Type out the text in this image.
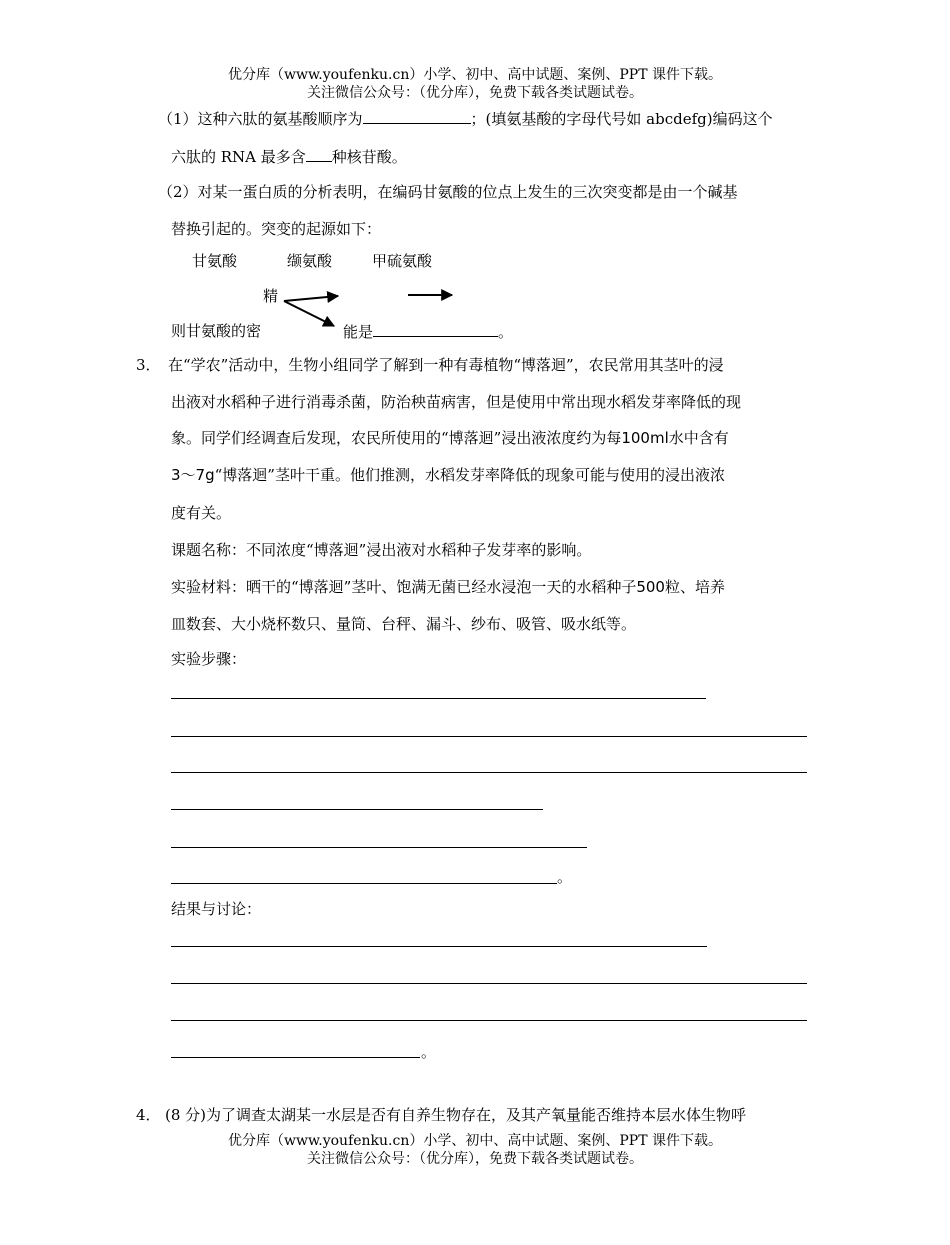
优分库（www.youfenku.cn）小学、初中、高中试题、案例、PPT 课件下载。
关注微信公众号：（优分库），免费下载各类试题试卷。
（1）这种六肽的氨基酸顺序为	；(填氨基酸的字母代号如 abcdefg)编码这个
六肽的 RNA 最多含 种核苷酸。
（2）对某一蛋白质的分析表明，在编码甘氨酸的位点上发生的三次突变都是由一个碱基
替换引起的。突变的起源如下：
甘氨酸	缬氨酸	甲硫氨酸
精
则甘氨酸的密	能是	。
3． 在“学农”活动中，生物小组同学了解到一种有毒植物“博落迴”，农民常用其茎叶的浸
出液对水稻种子进行消毒杀菌，防治秧苗病害，但是使用中常出现水稻发芽率降低的现
象。同学们经调查后发现，农民所使用的“博落迴”浸出液浓度约为每100ml水中含有
3～7g“博落迴”茎叶干重。他们推测，水稻发芽率降低的现象可能与使用的浸出液浓
度有关。
课题名称：不同浓度“博落迴”浸出液对水稻种子发芽率的影响。
实验材料：晒干的“博落迴”茎叶、饱满无菌已经水浸泡一天的水稻种子500粒、培养
皿数套、大小烧杯数只、量筒、台秤、漏斗、纱布、吸管、吸水纸等。
实验步骤：
。
结果与讨论：
。
4． (8 分)为了调查太湖某一水层是否有自养生物存在，及其产氧量能否维持本层水体生物呼
优分库（www.youfenku.cn）小学、初中、高中试题、案例、PPT 课件下载。
关注微信公众号：（优分库），免费下载各类试题试卷。
